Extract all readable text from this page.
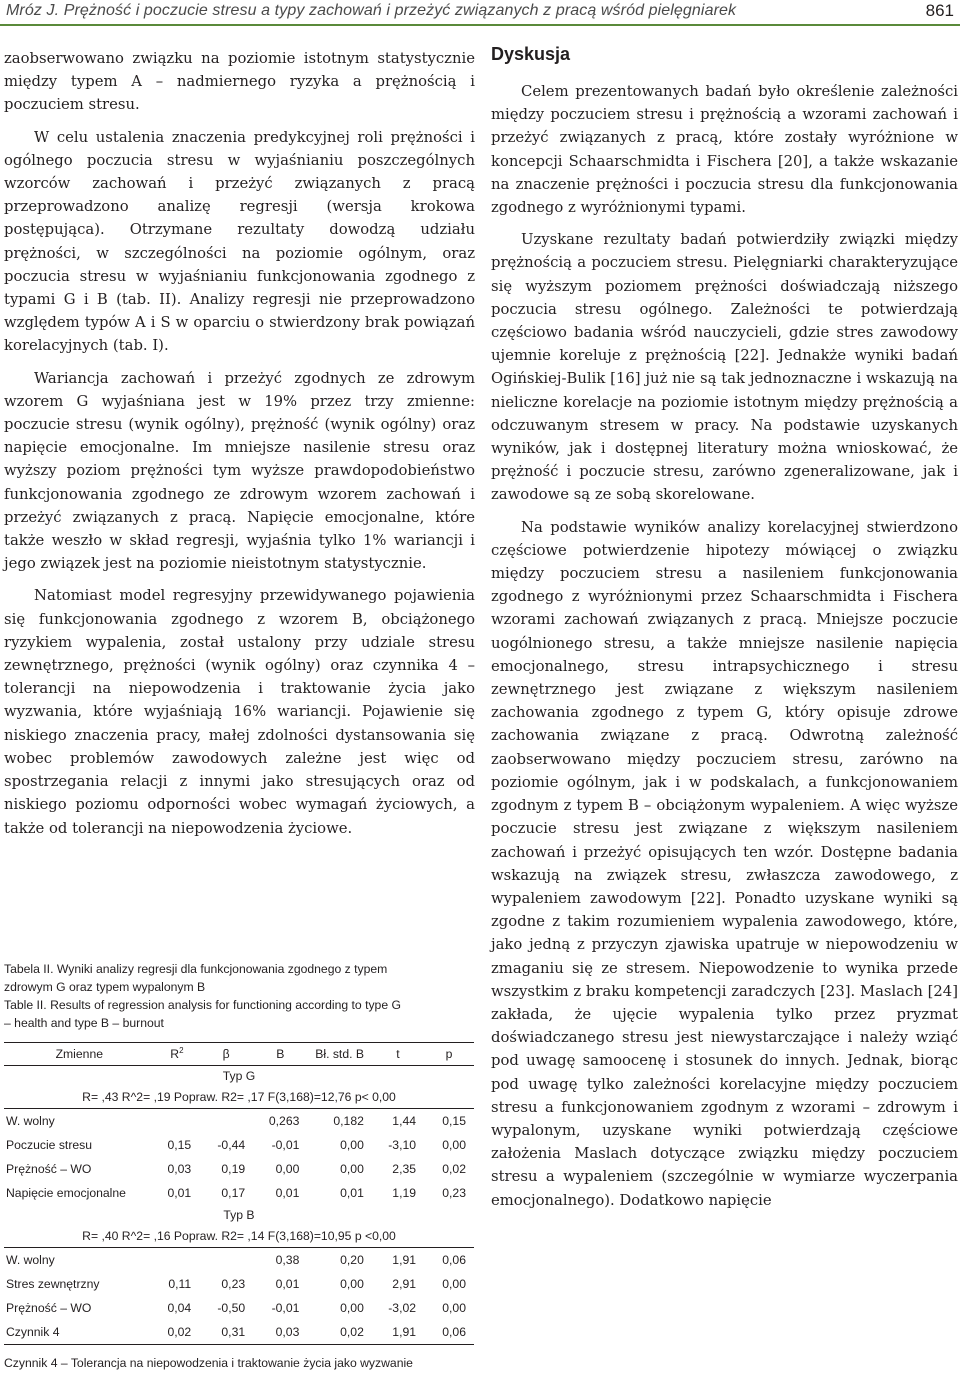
Mróz J. Prężność i poczucie stresu a typy zachowań i przeżyć związanych z pracą wśród pielęgniarek	861

zaobserwowano związku na poziomie istotnym statystycznie między typem A – nadmiernego ryzyka a prężnością i poczuciem stresu.

W celu ustalenia znaczenia predykcyjnej roli prężności i ogólnego poczucia stresu w wyjaśnianiu poszczególnych wzorców zachowań i przeżyć związanych z pracą przeprowadzono analizę regresji (wersja krokowa postępująca). Otrzymane rezultaty dowodzą udziału prężności, w szczególności na poziomie ogólnym, oraz poczucia stresu w wyjaśnianiu funkcjonowania zgodnego z typami G i B (tab. II). Analizy regresji nie przeprowadzono względem typów A i S w oparciu o stwierdzony brak powiązań korelacyjnych (tab. I).

Wariancja zachowań i przeżyć zgodnych ze zdrowym wzorem G wyjaśniana jest w 19% przez trzy zmienne: poczucie stresu (wynik ogólny), prężność (wynik ogólny) oraz napięcie emocjonalne. Im mniejsze nasilenie stresu oraz wyższy poziom prężności tym wyższe prawdopodobieństwo funkcjonowania zgodnego ze zdrowym wzorem zachowań i przeżyć związanych z pracą. Napięcie emocjonalne, które także weszło w skład regresji, wyjaśnia tylko 1% wariancji i jego związek jest na poziomie nieistotnym statystycznie.

Natomiast model regresyjny przewidywanego pojawienia się funkcjonowania zgodnego z wzorem B, obciążonego ryzykiem wypalenia, został ustalony przy udziale stresu zewnętrznego, prężności (wynik ogólny) oraz czynnika 4 – tolerancji na niepowodzenia i traktowanie życia jako wyzwania, które wyjaśniają 16% wariancji. Pojawienie się niskiego znaczenia pracy, małej zdolności dystansowania się wobec problemów zawodowych zależne jest więc od spostrzegania relacji z innymi jako stresujących oraz od niskiego poziomu odporności wobec wymagań życiowych, a także od tolerancji na niepowodzenia życiowe.

Dyskusja

Celem prezentowanych badań było określenie zależności między poczuciem stresu i prężnością a wzorami zachowań i przeżyć związanych z pracą, które zostały wyróżnione w koncepcji Schaarschmidta i Fischera [20], a także wskazanie na znaczenie prężności i poczucia stresu dla funkcjonowania zgodnego z wyróżnionymi typami.

Uzyskane rezultaty badań potwierdziły związki między prężnością a poczuciem stresu. Pielęgniarki charakteryzujące się wyższym poziomem prężności doświadczają niższego poczucia stresu ogólnego. Zależności te potwierdzają częściowo badania wśród nauczycieli, gdzie stres zawodowy ujemnie koreluje z prężnością [22]. Jednakże wyniki badań Ogińskiej-Bulik [16] już nie są tak jednoznaczne i wskazują na nieliczne korelacje na poziomie istotnym między prężnością a odczuwanym stresem w pracy. Na podstawie uzyskanych wyników, jak i dostępnej literatury można wnioskować, że prężność i poczucie stresu, zarówno zgeneralizowane, jak i zawodowe są ze sobą skorelowane.

Na podstawie wyników analizy korelacyjnej stwierdzono częściowe potwierdzenie hipotezy mówiącej o związku między poczuciem stresu a nasileniem funkcjonowania zgodnego z wyróżnionymi przez Schaarschmidta i Fischera wzorami zachowań związanych z pracą. Mniejsze poczucie uogólnionego stresu, a także mniejsze nasilenie napięcia emocjonalnego, stresu intrapsychicznego i stresu zewnętrznego jest związane z większym nasileniem zachowania zgodnego z typem G, który opisuje zdrowe zachowania związane z pracą. Odwrotną zależność zaobserwowano między poczuciem stresu, zarówno na poziomie ogólnym, jak i w podskalach, a funkcjonowaniem zgodnym z typem B – obciążonym wypaleniem. A więc wyższe poczucie stresu jest związane z większym nasileniem zachowań i przeżyć opisujących ten wzór. Dostępne badania wskazują na związek stresu, zwłaszcza zawodowego, z wypaleniem zawodowym [22]. Ponadto uzyskane wyniki są zgodne z takim rozumieniem wypalenia zawodowego, które, jako jedną z przyczyn zjawiska upatruje w niepowodzeniu w zmaganiu się ze stresem. Niepowodzenie to wynika przede wszystkim z braku kompetencji zaradczych [23]. Maslach [24] zakłada, że ujęcie wypalenia tylko przez pryzmat doświadczanego stresu jest niewystarczające i należy wziąć pod uwagę samoocenę i stosunek do innych. Jednak, biorąc pod uwagę tylko zależności korelacyjne między poczuciem stresu a funkcjonowaniem zgodnym z wzorami – zdrowym i wypalonym, uzyskane wyniki potwierdzają częściowe założenia Maslach dotyczące związku między poczuciem stresu a wypaleniem (szczególnie w wymiarze wyczerpania emocjonalnego). Dodatkowo napięcie

Tabela II. Wyniki analizy regresji dla funkcjonowania zgodnego z typem
zdrowym G oraz typem wypalonym B
Table II. Results of regression analysis for functioning according to type G
– health and type B – burnout
Zmienne	$R^2$	β	B	Bł. std. B	t	p
Typ G						
R= ,43 R^2= ,19 Popraw. R2= ,17 F(3,168)=12,76 p< 0,00						
W. wolny			0,263	0,182	1,44	0,15
Poczucie stresu	0,15	-0,44	-0,01	0,00	-3,10	0,00
Prężność – WO	0,03	0,19	0,00	0,00	2,35	0,02
Napięcie emocjonalne	0,01	0,17	0,01	0,01	1,19	0,23
Typ B						
R= ,40 R^2= ,16 Popraw. R2= ,14 F(3,168)=10,95 p <0,00						
W. wolny			0,38	0,20	1,91	0,06
Stres zewnętrzny	0,11	0,23	0,01	0,00	2,91	0,00
Prężność – WO	0,04	-0,50	-0,01	0,00	-3,02	0,00
Czynnik 4	0,02	0,31	0,03	0,02	1,91	0,06
Czynnik 4 – Tolerancja na niepowodzenia i traktowanie życia jako wyzwanie
